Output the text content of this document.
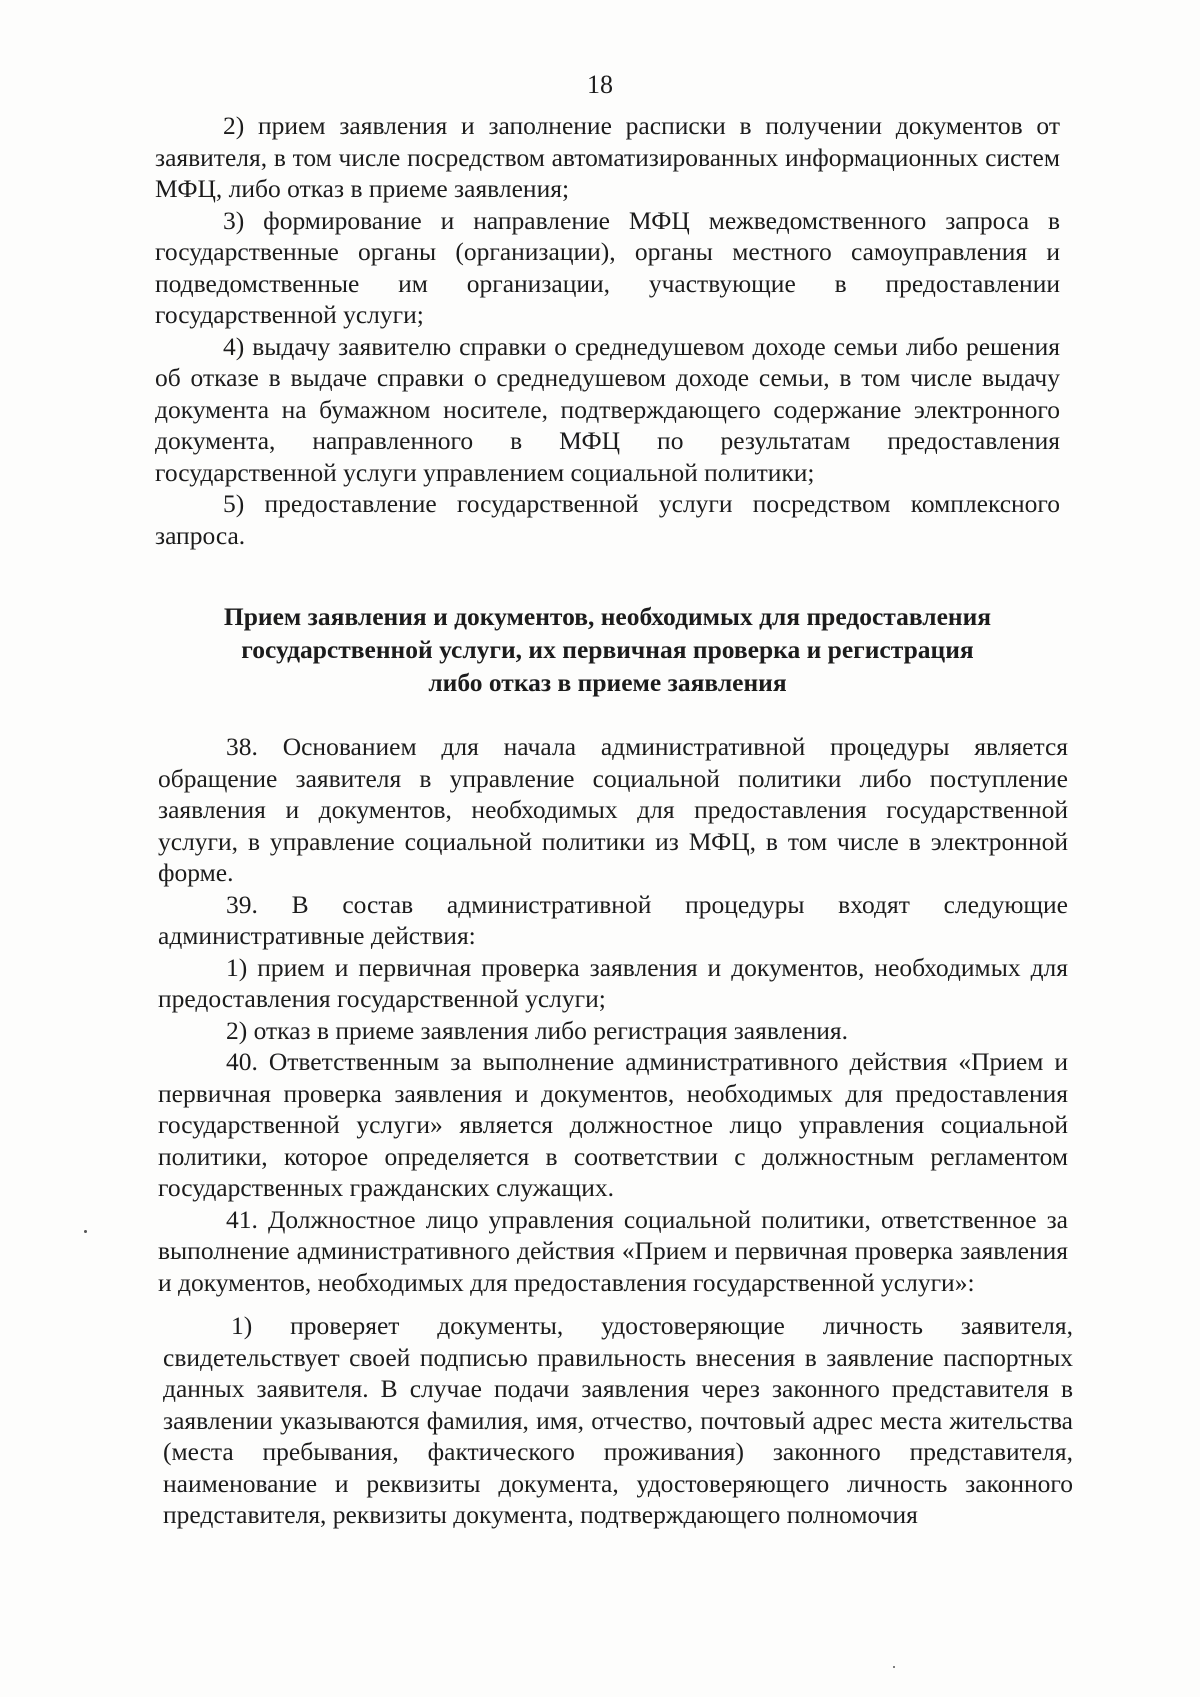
18

2) прием заявления и заполнение расписки в получении документов от заявителя, в том числе посредством автоматизированных информационных систем МФЦ, либо отказ в приеме заявления;

3) формирование и направление МФЦ межведомственного запроса в государственные органы (организации), органы местного самоуправления и подведомственные им организации, участвующие в предоставлении государственной услуги;

4) выдачу заявителю справки о среднедушевом доходе семьи либо решения об отказе в выдаче справки о среднедушевом доходе семьи, в том числе выдачу документа на бумажном носителе, подтверждающего содержание электронного документа, направленного в МФЦ по результатам предоставления государственной услуги управлением социальной политики;

5) предоставление государственной услуги посредством комплексного запроса.

Прием заявления и документов, необходимых для предоставления
государственной услуги, их первичная проверка и регистрация
либо отказ в приеме заявления

38. Основанием для начала административной процедуры является обращение заявителя в управление социальной политики либо поступление заявления и документов, необходимых для предоставления государственной услуги, в управление социальной политики из МФЦ, в том числе в электронной форме.

39. В состав административной процедуры входят следующие административные действия:

1) прием и первичная проверка заявления и документов, необходимых для предоставления государственной услуги;

2) отказ в приеме заявления либо регистрация заявления.

40. Ответственным за выполнение административного действия «Прием и первичная проверка заявления и документов, необходимых для предоставления государственной услуги» является должностное лицо управления социальной политики, которое определяется в соответствии с должностным регламентом государственных гражданских служащих.

41. Должностное лицо управления социальной политики, ответственное за выполнение административного действия «Прием и первичная проверка заявления и документов, необходимых для предоставления государственной услуги»:

1) проверяет документы, удостоверяющие личность заявителя, свидетельствует своей подписью правильность внесения в заявление паспортных данных заявителя. В случае подачи заявления через законного представителя в заявлении указываются фамилия, имя, отчество, почтовый адрес места жительства (места пребывания, фактического проживания) законного представителя, наименование и реквизиты документа, удостоверяющего личность законного представителя, реквизиты документа, подтверждающего полномочия
